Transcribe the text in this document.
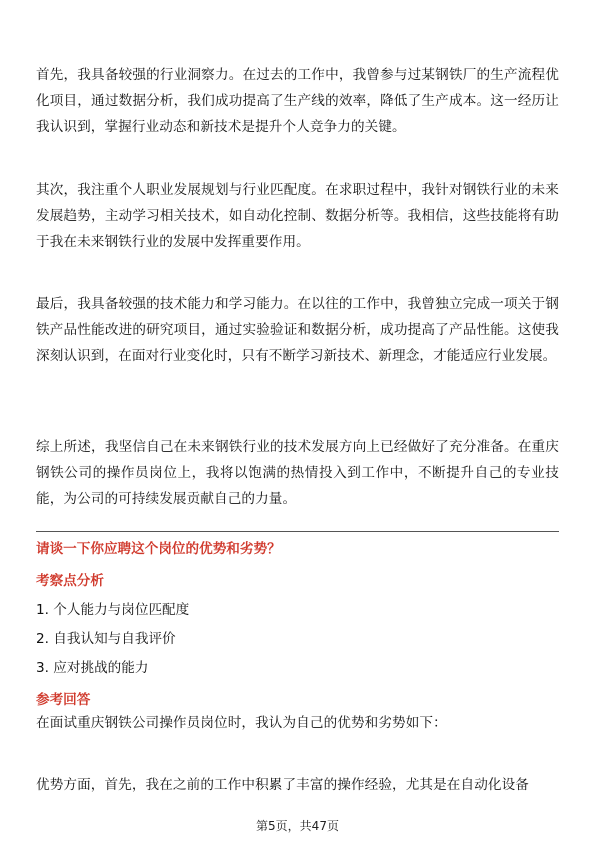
首先，我具备较强的行业洞察力。在过去的工作中，我曾参与过某钢铁厂的生产流程优化项目，通过数据分析，我们成功提高了生产线的效率，降低了生产成本。这一经历让我认识到，掌握行业动态和新技术是提升个人竞争力的关键。

其次，我注重个人职业发展规划与行业匹配度。在求职过程中，我针对钢铁行业的未来发展趋势，主动学习相关技术，如自动化控制、数据分析等。我相信，这些技能将有助于我在未来钢铁行业的发展中发挥重要作用。

最后，我具备较强的技术能力和学习能力。在以往的工作中，我曾独立完成一项关于钢铁产品性能改进的研究项目，通过实验验证和数据分析，成功提高了产品性能。这使我深刻认识到，在面对行业变化时，只有不断学习新技术、新理念，才能适应行业发展。

综上所述，我坚信自己在未来钢铁行业的技术发展方向上已经做好了充分准备。在重庆钢铁公司的操作员岗位上，我将以饱满的热情投入到工作中，不断提升自己的专业技能，为公司的可持续发展贡献自己的力量。

请谈一下你应聘这个岗位的优势和劣势？
考察点分析
1. 个人能力与岗位匹配度
2. 自我认知与自我评价
3. 应对挑战的能力
参考回答

在面试重庆钢铁公司操作员岗位时，我认为自己的优势和劣势如下：

优势方面，首先，我在之前的工作中积累了丰富的操作经验，尤其是在自动化设备

第5页，共47页
